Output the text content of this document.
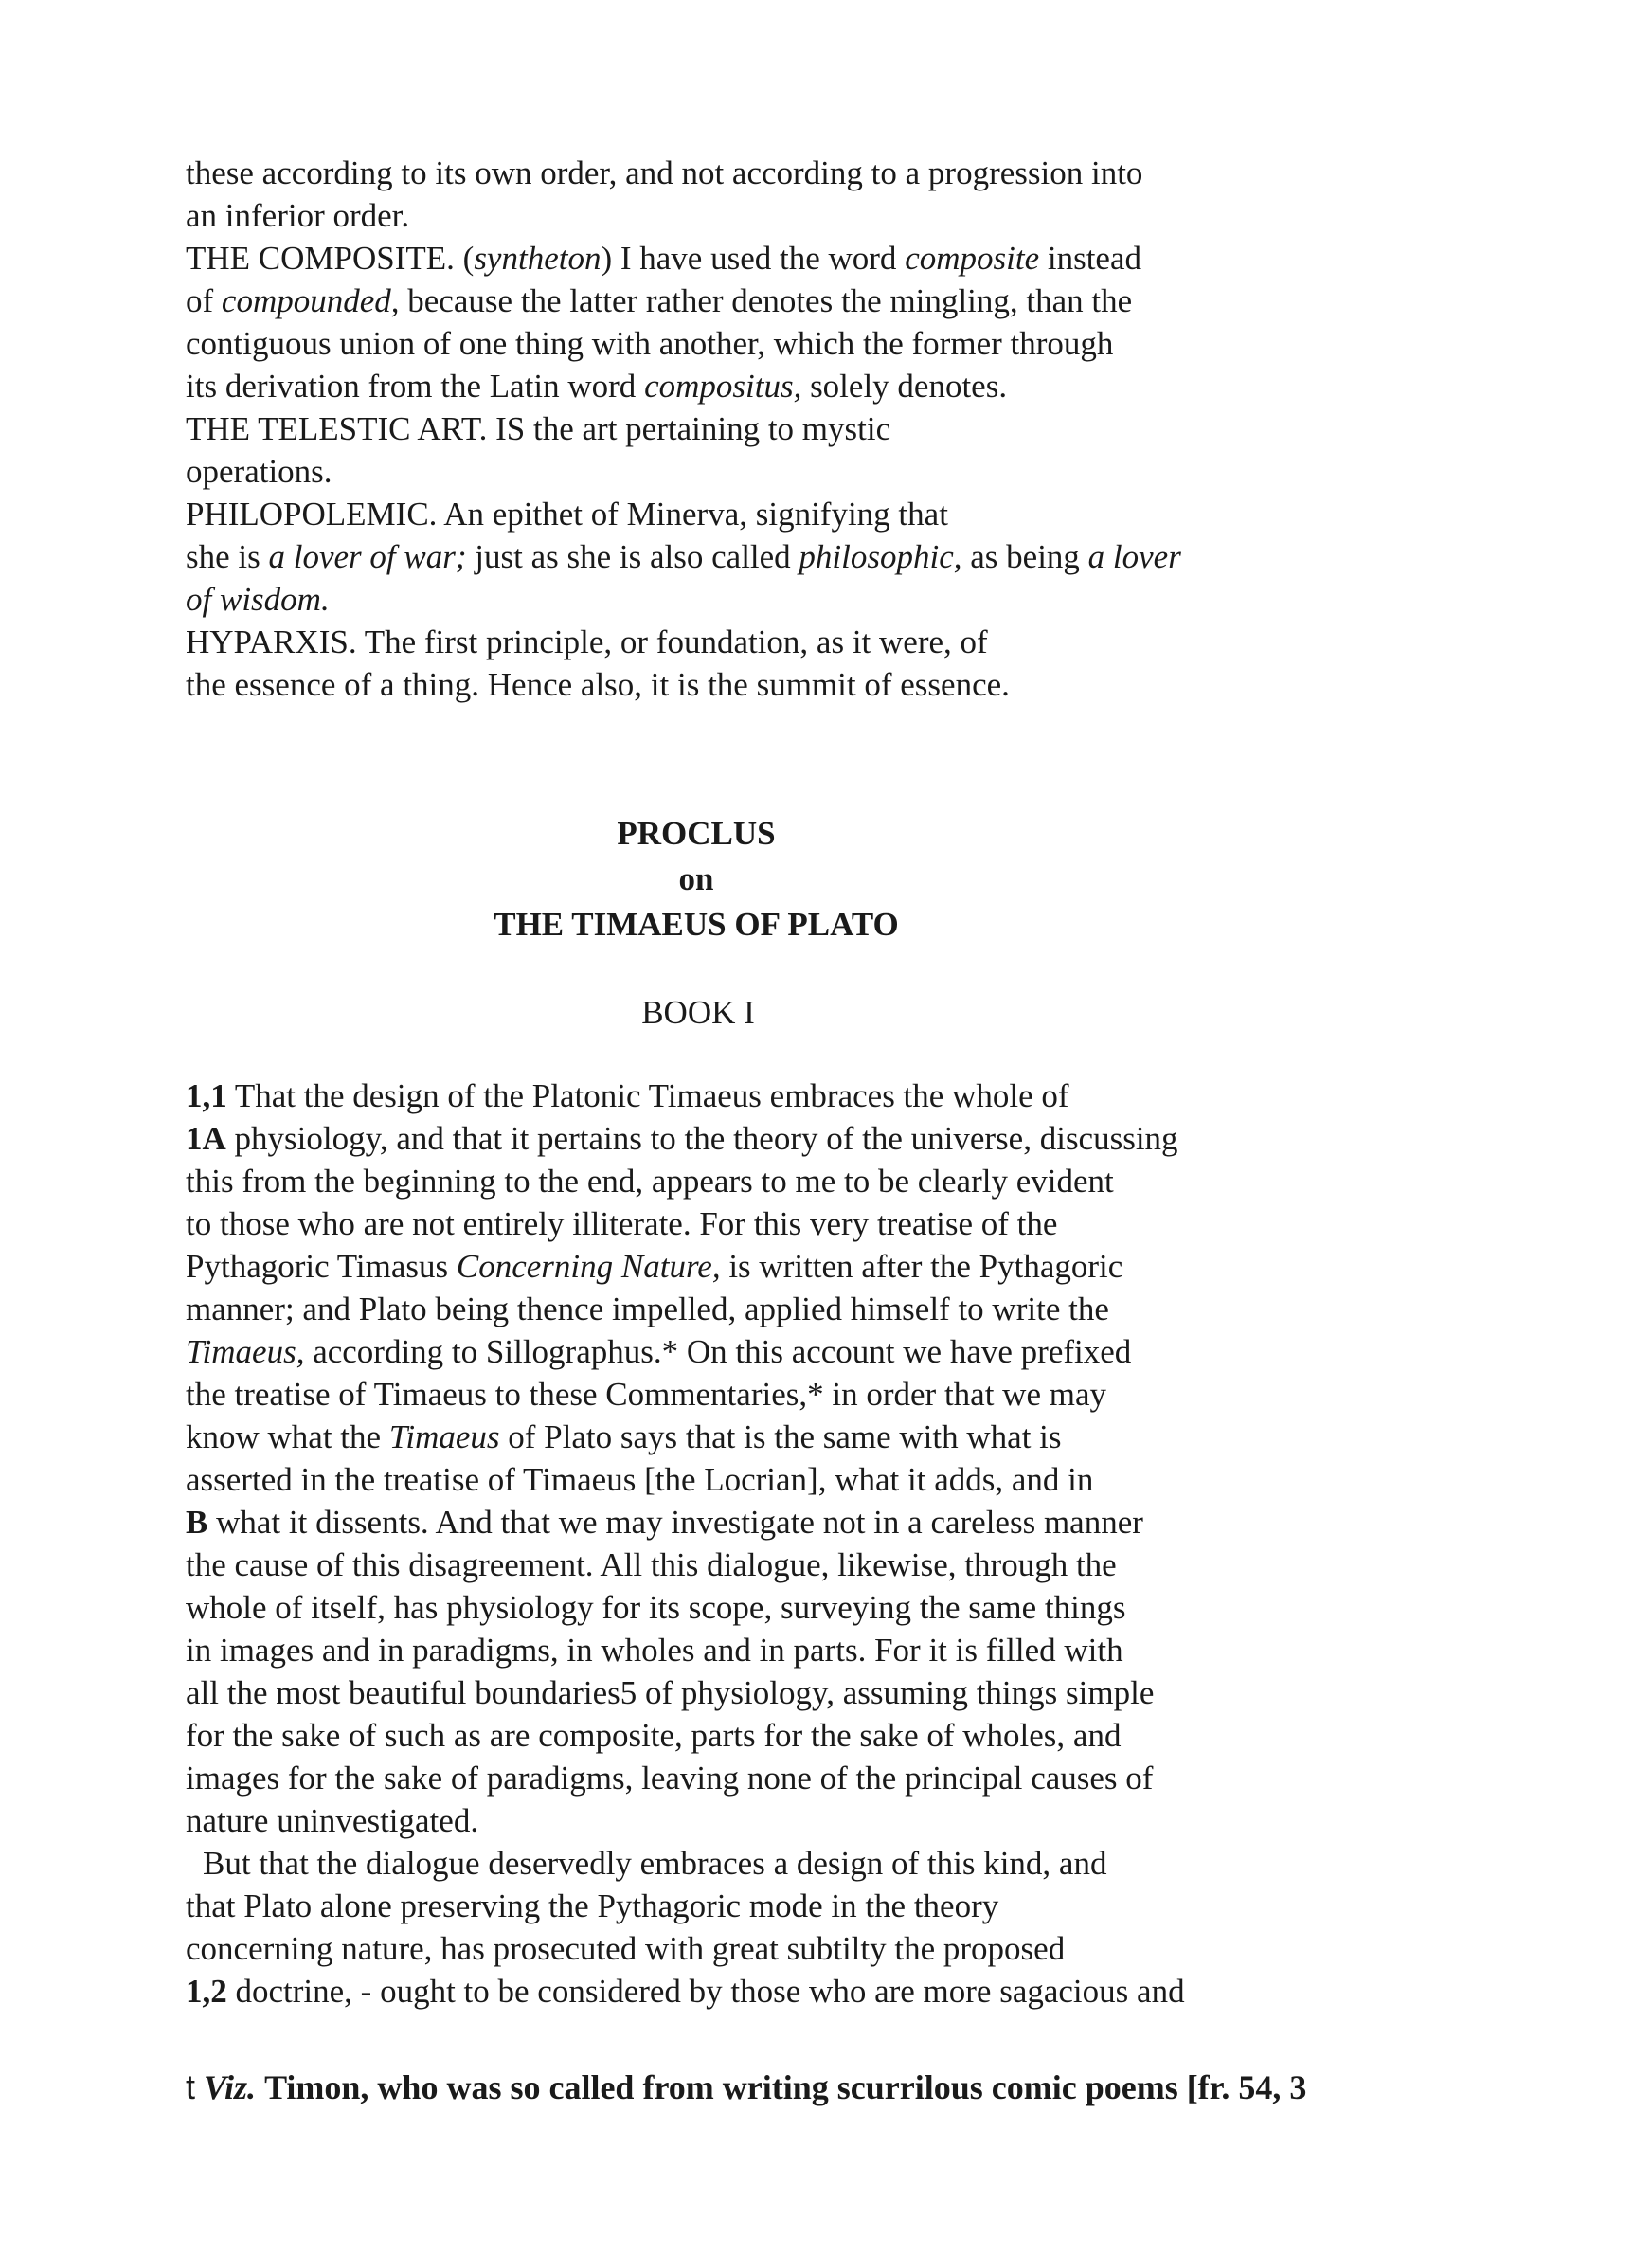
these according to its own order, and not according to a progression into
an inferior order.
THE COMPOSITE. (syntheton) I have used the word composite instead
of compounded, because the latter rather denotes the mingling, than the
contiguous union of one thing with another, which the former through
its derivation from the Latin word compositus, solely denotes.
THE TELESTIC ART. IS the art pertaining to mystic
operations.
PHILOPOLEMIC. An epithet of Minerva, signifying that
she is a lover of war; just as she is also called philosophic, as being a lover
of wisdom.
HYPARXIS. The first principle, or foundation, as it were, of
the essence of a thing. Hence also, it is the summit of essence.
PROCLUS
on
THE TIMAEUS OF PLATO
BOOK I
1,1 That the design of the Platonic Timaeus embraces the whole of
1A physiology, and that it pertains to the theory of the universe, discussing
this from the beginning to the end, appears to me to be clearly evident
to those who are not entirely illiterate. For this very treatise of the
Pythagoric Timasus Concerning Nature, is written after the Pythagoric
manner; and Plato being thence impelled, applied himself to write the
Timaeus, according to Sillographus.* On this account we have prefixed
the treatise of Timaeus to these Commentaries,* in order that we may
know what the Timaeus of Plato says that is the same with what is
asserted in the treatise of Timaeus [the Locrian], what it adds, and in
B what it dissents. And that we may investigate not in a careless manner
the cause of this disagreement. All this dialogue, likewise, through the
whole of itself, has physiology for its scope, surveying the same things
in images and in paradigms, in wholes and in parts. For it is filled with
all the most beautiful boundaries5 of physiology, assuming things simple
for the sake of such as are composite, parts for the sake of wholes, and
images for the sake of paradigms, leaving none of the principal causes of
nature uninvestigated.
But that the dialogue deservedly embraces a design of this kind, and
that Plato alone preserving the Pythagoric mode in the theory
concerning nature, has prosecuted with great subtilty the proposed
1,2 doctrine, - ought to be considered by those who are more sagacious and
t Viz. Timon, who was so called from writing scurrilous comic poems [fr. 54, 3
